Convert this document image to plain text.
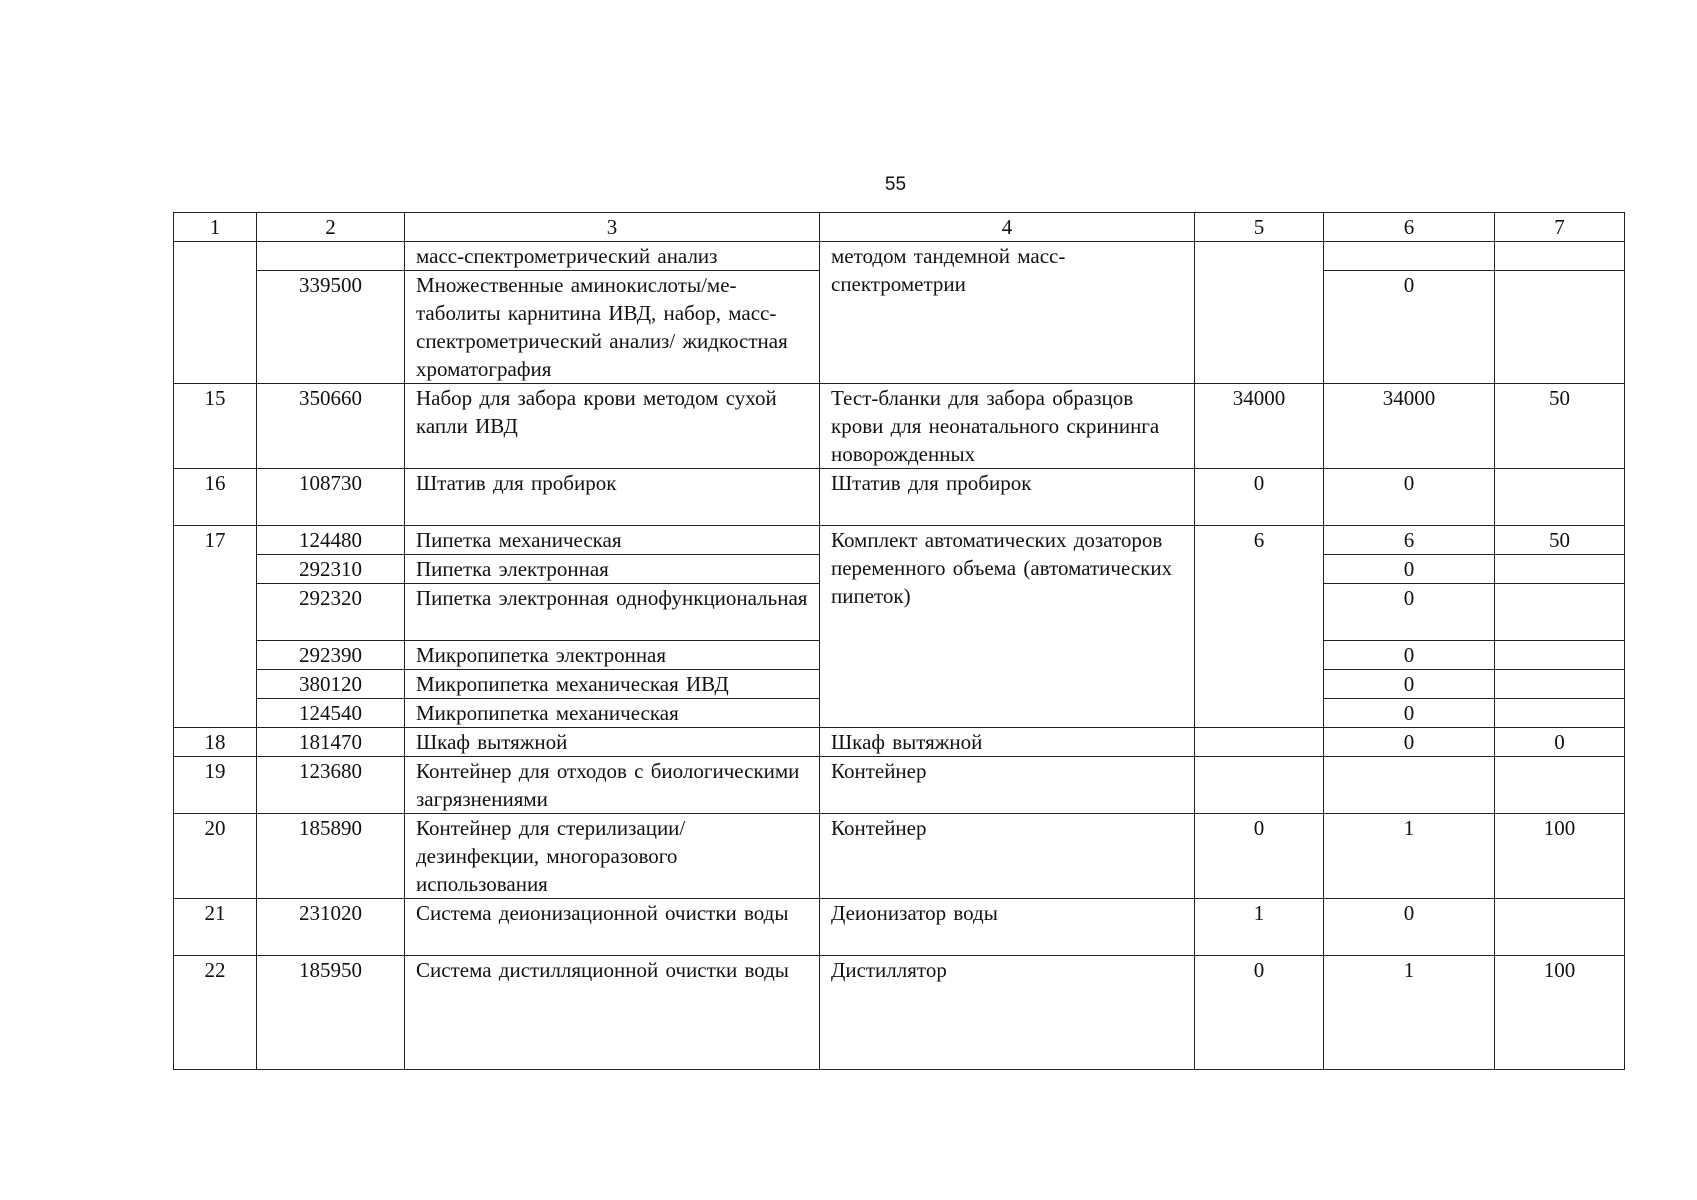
55
1	2	3	4	5	6	7
		масс-спектрометрический анализ	методом тандемной масс-спектрометрии			
	339500	Множественные аминокислоты/ме-таболиты карнитина ИВД, набор, масс-спектрометрический анализ/ жидкостная хроматография			0	
15	350660	Набор для забора крови методом сухой капли ИВД	Тест-бланки для забора образцов крови для неонатального скрининга новорожденных	34000	34000	50
16	108730	Штатив для пробирок	Штатив для пробирок	0	0	
17	124480	Пипетка механическая	Комплект автоматических дозаторов переменного объема (автоматических пипеток)	6	6	50
	292310	Пипетка электронная			0	
	292320	Пипетка электронная однофункциональная			0	
	292390	Микропипетка электронная			0	
	380120	Микропипетка механическая ИВД			0	
	124540	Микропипетка механическая			0	
18	181470	Шкаф вытяжной	Шкаф вытяжной		0	0
19	123680	Контейнер для отходов с биологическими загрязнениями	Контейнер			
20	185890	Контейнер для стерилизации/ дезинфекции, многоразового использования	Контейнер	0	1	100
21	231020	Система деионизационной очистки воды	Деионизатор воды	1	0	
22	185950	Система дистилляционной очистки воды	Дистиллятор	0	1	100
